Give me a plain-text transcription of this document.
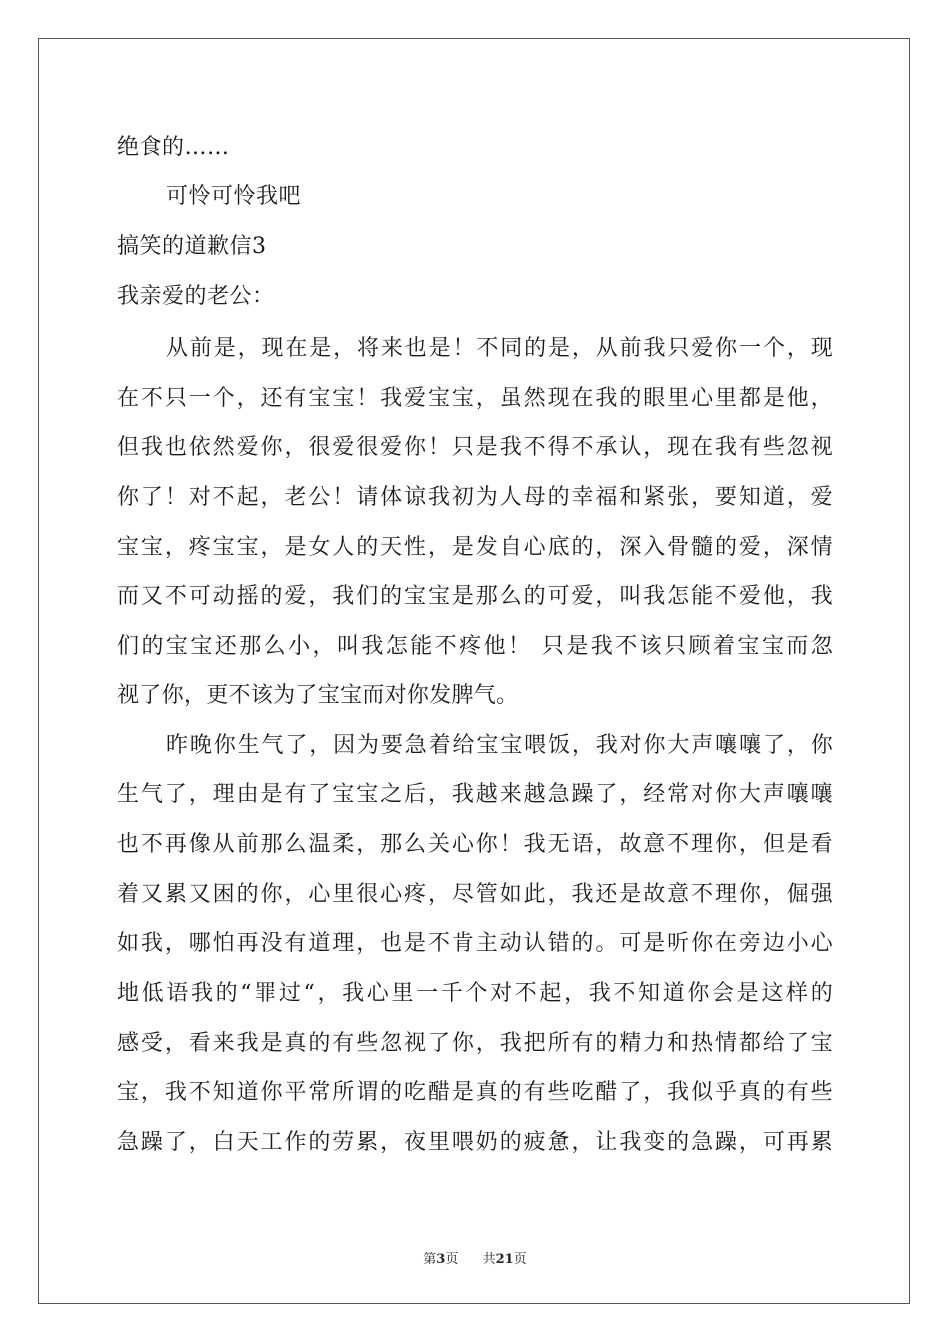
绝食的……
可怜可怜我吧
搞笑的道歉信3
我亲爱的老公：
从前是，现在是，将来也是！不同的是，从前我只爱你一个，现
在不只一个，还有宝宝！我爱宝宝，虽然现在我的眼里心里都是他，
但我也依然爱你，很爱很爱你！只是我不得不承认，现在我有些忽视
你了！对不起，老公！请体谅我初为人母的幸福和紧张，要知道，爱
宝宝，疼宝宝，是女人的天性，是发自心底的，深入骨髓的爱，深情
而又不可动摇的爱，我们的宝宝是那么的可爱，叫我怎能不爱他，我
们的宝宝还那么小，叫我怎能不疼他！ 只是我不该只顾着宝宝而忽
视了你，更不该为了宝宝而对你发脾气。
昨晚你生气了，因为要急着给宝宝喂饭，我对你大声嚷嚷了，你
生气了，理由是有了宝宝之后，我越来越急躁了，经常对你大声嚷嚷
也不再像从前那么温柔，那么关心你！我无语，故意不理你，但是看
着又累又困的你，心里很心疼，尽管如此，我还是故意不理你，倔强
如我，哪怕再没有道理，也是不肯主动认错的。可是听你在旁边小心
地低语我的“罪过“，我心里一千个对不起，我不知道你会是这样的
感受，看来我是真的有些忽视了你，我把所有的精力和热情都给了宝
宝，我不知道你平常所谓的吃醋是真的有些吃醋了，我似乎真的有些
急躁了，白天工作的劳累，夜里喂奶的疲惫，让我变的急躁，可再累
第3页 共21页
